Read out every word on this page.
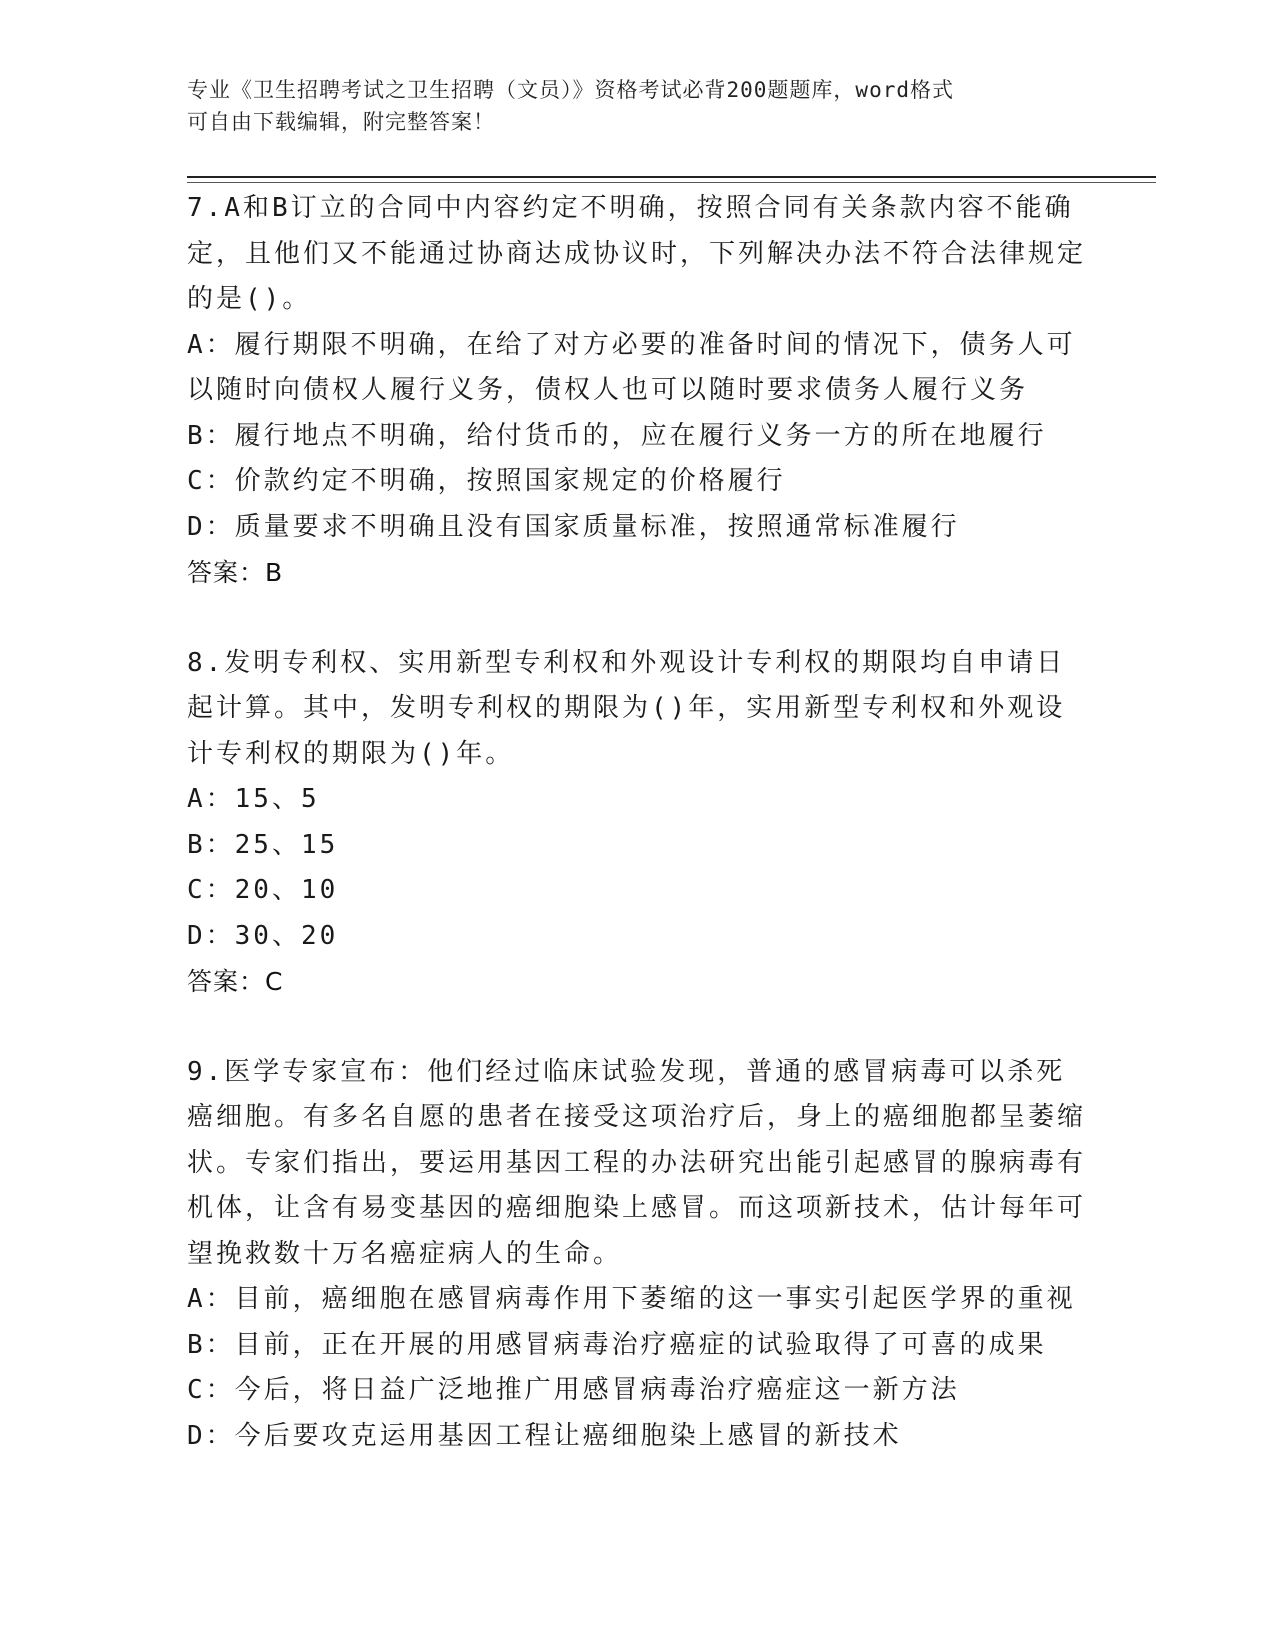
专业《卫生招聘考试之卫生招聘（文员）》资格考试必背200题题库，word格式
可自由下载编辑，附完整答案！

7.A和B订立的合同中内容约定不明确，按照合同有关条款内容不能确定，且他们又不能通过协商达成协议时，下列解决办法不符合法律规定的是()。

A：履行期限不明确，在给了对方必要的准备时间的情况下，债务人可以随时向债权人履行义务，债权人也可以随时要求债务人履行义务

B：履行地点不明确，给付货币的，应在履行义务一方的所在地履行

C：价款约定不明确，按照国家规定的价格履行

D：质量要求不明确且没有国家质量标准，按照通常标准履行

答案：B

8.发明专利权、实用新型专利权和外观设计专利权的期限均自申请日起计算。其中，发明专利权的期限为()年，实用新型专利权和外观设计专利权的期限为()年。

A：15、5

B：25、15

C：20、10

D：30、20

答案：C

9.医学专家宣布：他们经过临床试验发现，普通的感冒病毒可以杀死癌细胞。有多名自愿的患者在接受这项治疗后，身上的癌细胞都呈萎缩状。专家们指出，要运用基因工程的办法研究出能引起感冒的腺病毒有机体，让含有易变基因的癌细胞染上感冒。而这项新技术，估计每年可望挽救数十万名癌症病人的生命。

A：目前，癌细胞在感冒病毒作用下萎缩的这一事实引起医学界的重视

B：目前，正在开展的用感冒病毒治疗癌症的试验取得了可喜的成果

C：今后，将日益广泛地推广用感冒病毒治疗癌症这一新方法

D：今后要攻克运用基因工程让癌细胞染上感冒的新技术
